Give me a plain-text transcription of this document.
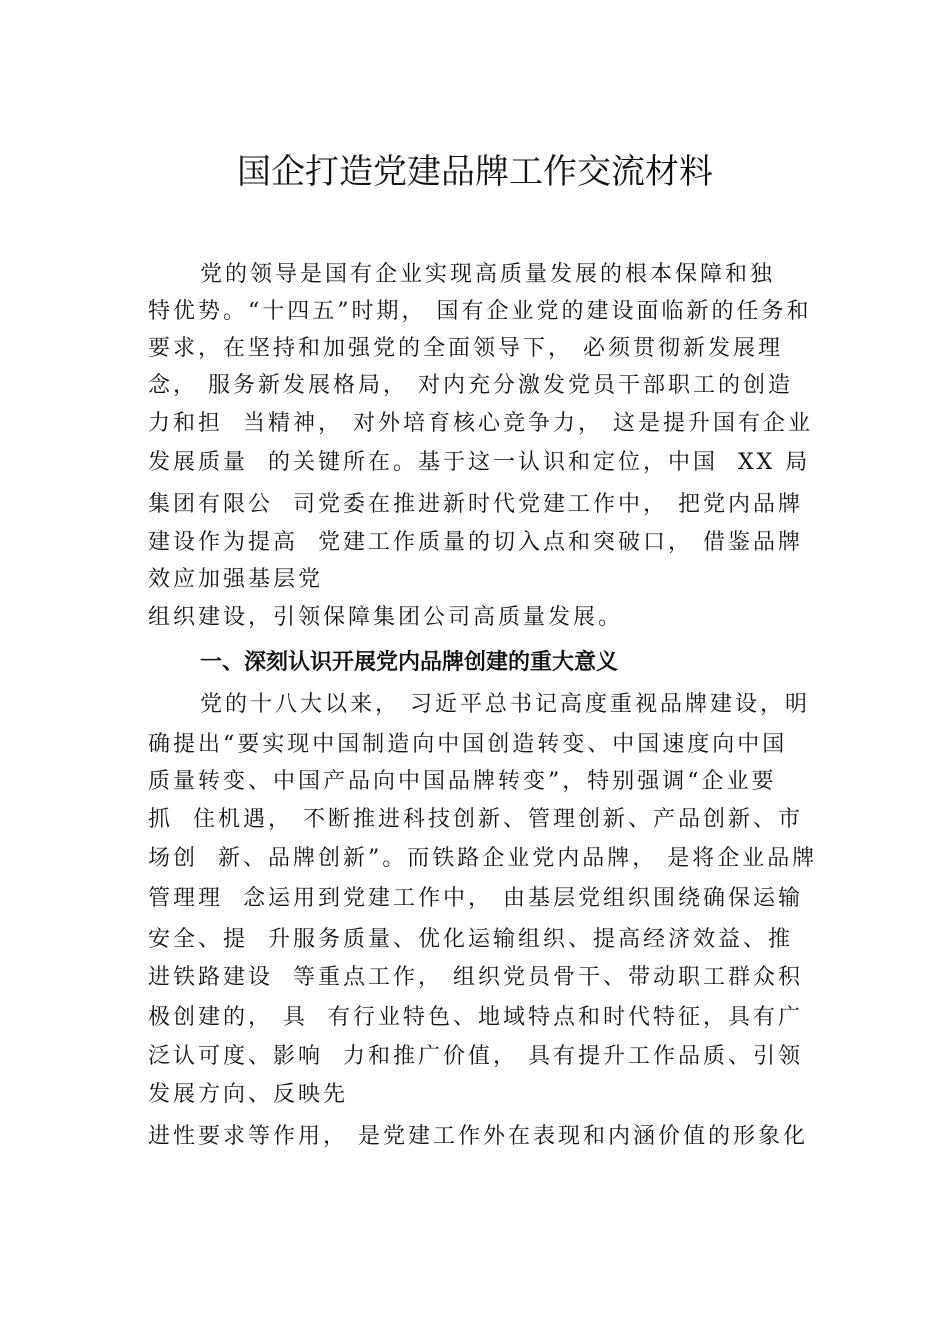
国企打造党建品牌工作交流材料

党的领导是国有企业实现高质量发展的根本保障和独

特优势。“十四五”时期， 国有企业党的建设面临新的任务和

要求，在坚持和加强党的全面领导下， 必须贯彻新发展理

念， 服务新发展格局， 对内充分激发党员干部职工的创造

力和担  当精神， 对外培育核心竞争力， 这是提升国有企业

发展质量  的关键所在。基于这一认识和定位，中国  XX 局

集团有限公  司党委在推进新时代党建工作中， 把党内品牌

建设作为提高  党建工作质量的切入点和突破口， 借鉴品牌

效应加强基层党

组织建设，引领保障集团公司高质量发展。

一、深刻认识开展党内品牌创建的重大意义

党的十八大以来， 习近平总书记高度重视品牌建设，明

确提出“要实现中国制造向中国创造转变、中国速度向中国

质量转变、中国产品向中国品牌转变”，特别强调“企业要

抓  住机遇， 不断推进科技创新、管理创新、产品创新、市

场创  新、品牌创新”。而铁路企业党内品牌， 是将企业品牌

管理理  念运用到党建工作中， 由基层党组织围绕确保运输

安全、提  升服务质量、优化运输组织、提高经济效益、推

进铁路建设  等重点工作， 组织党员骨干、带动职工群众积

极创建的， 具  有行业特色、地域特点和时代特征，具有广

泛认可度、影响  力和推广价值， 具有提升工作品质、引领

发展方向、反映先

进性要求等作用， 是党建工作外在表现和内涵价值的形象化
